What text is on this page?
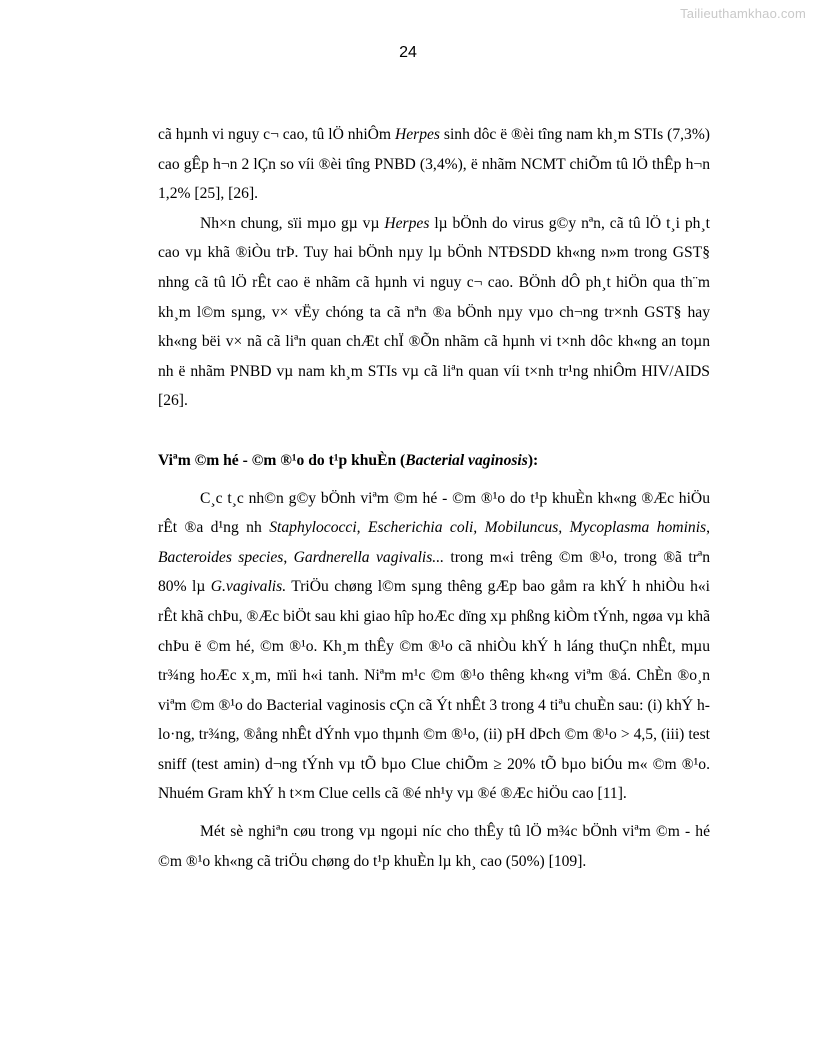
Tailieuthamkhao.com
24

cã hµnh vi nguy c¬ cao, tû lÖ nhiÔm Herpes sinh dôc ë ®èi tîng nam kh¸m STIs (7,3%) cao gÊp h¬n 2 lÇn so víi ®èi tîng PNBD (3,4%), ë nhãm NCMT chiÕm tû lÖ thÊp h¬n 1,2% [25], [26].

Nh×n chung, sïi mµo gµ vµ Herpes lµ bÖnh do virus g©y nªn, cã tû lÖ t¸i ph¸t cao vµ khã ®iÒu trÞ. Tuy hai bÖnh nµy lµ bÖnh NTĐSDD kh«ng n»m trong GST§ nhng cã tû lÖ rÊt cao ë nhãm cã hµnh vi nguy c¬ cao. BÖnh dÔ ph¸t hiÖn qua th¨m kh¸m l©m sµng, v× vËy chóng ta cã nªn ®a bÖnh nµy vµo ch¬ng tr×nh GST§ hay kh«ng bëi v× nã cã liªn quan chÆt chÏ ®Õn nhãm cã hµnh vi t×nh dôc kh«ng an toµn nh ë nhãm PNBD vµ nam kh¸m STIs vµ cã liªn quan víi t×nh tr¹ng nhiÔm HIV/AIDS [26].

Viªm ©m hé - ©m ®¹o do t¹p khuÈn (Bacterial vaginosis):

C¸c t¸c nh©n g©y bÖnh viªm ©m hé - ©m ®¹o do t¹p khuÈn kh«ng ®Æc hiÖu rÊt ®a d¹ng nh Staphylococci, Escherichia coli, Mobiluncus, Mycoplasma hominis, Bacteroides species, Gardnerella vagivalis... trong m«i trêng ©m ®¹o, trong ®ã trªn 80% lµ G.vagivalis. TriÖu chøng l©m sµng thêng gÆp bao gåm ra khÝ h nhiÒu h«i rÊt khã chÞu, ®Æc biÖt sau khi giao hîp hoÆc dïng xµ phßng kiÒm tÝnh, ngøa vµ khã chÞu ë ©m hé, ©m ®¹o. Kh¸m thÊy ©m ®¹o cã nhiÒu khÝ h láng thuÇn nhÊt, mµu tr¾ng hoÆc x¸m, mïi h«i tanh. Niªm m¹c ©m ®¹o thêng kh«ng viªm ®á. ChÈn ®o¸n viªm ©m ®¹o do Bacterial vaginosis cÇn cã Ýt nhÊt 3 trong 4 tiªu chuÈn sau: (i) khÝ h lo·ng, tr¾ng, ®ång nhÊt dÝnh vµo thµnh ©m ®¹o, (ii) pH dÞch ©m ®¹o > 4,5, (iii) test sniff (test amin) d¬ng tÝnh vµ tÕ bµo Clue chiÕm ≥ 20% tÕ bµo biÓu m« ©m ®¹o. Nhuém Gram khÝ h t×m Clue cells cã ®é nh¹y vµ ®é ®Æc hiÖu cao [11].

Mét sè nghiªn cøu trong vµ ngoµi níc cho thÊy tû lÖ m¾c bÖnh viªm ©m - hé ©m ®¹o kh«ng cã triÖu chøng do t¹p khuÈn lµ kh¸ cao (50%) [109].
